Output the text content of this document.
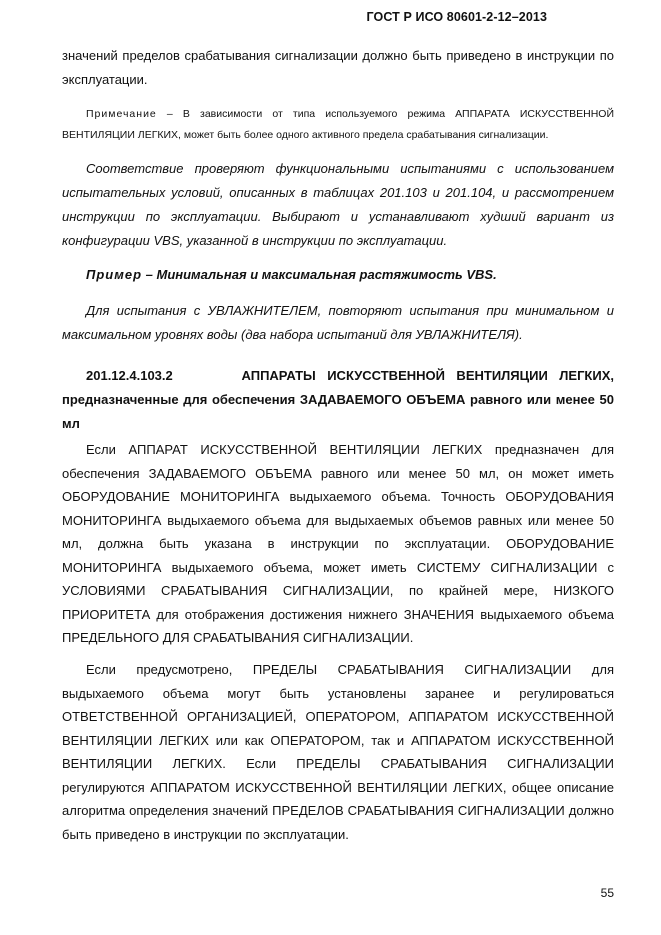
ГОСТ Р ИСО 80601-2-12–2013

значений пределов срабатывания сигнализации должно быть приведено в инструкции по эксплуатации.

Примечание – В зависимости от типа используемого режима АППАРАТА ИСКУССТВЕННОЙ ВЕНТИЛЯЦИИ ЛЕГКИХ, может быть более одного активного предела срабатывания сигнализации.

Соответствие проверяют функциональными испытаниями с использованием испытательных условий, описанных в таблицах 201.103 и 201.104, и рассмотрением инструкции по эксплуатации. Выбирают и устанавливают худший вариант из конфигурации VBS, указанной в инструкции по эксплуатации.
Пример – Минимальная и максимальная растяжимость VBS.
Для испытания с УВЛАЖНИТЕЛЕМ, повторяют испытания при минимальном и максимальном уровнях воды (два набора испытаний для УВЛАЖНИТЕЛЯ).
201.12.4.103.2	АППАРАТЫ ИСКУССТВЕННОЙ ВЕНТИЛЯЦИИ ЛЕГКИХ, предназначенные для обеспечения ЗАДАВАЕМОГО ОБЪЕМА равного или менее 50 мл
Если АППАРАТ ИСКУССТВЕННОЙ ВЕНТИЛЯЦИИ ЛЕГКИХ предназначен для обеспечения ЗАДАВАЕМОГО ОБЪЕМА равного или менее 50 мл, он может иметь ОБОРУДОВАНИЕ МОНИТОРИНГА выдыхаемого объема. Точность ОБОРУДОВАНИЯ МОНИТОРИНГА выдыхаемого объема для выдыхаемых объемов равных или менее 50 мл, должна быть указана в инструкции по эксплуатации. ОБОРУДОВАНИЕ МОНИТОРИНГА выдыхаемого объема, может иметь СИСТЕМУ СИГНАЛИЗАЦИИ с УСЛОВИЯМИ СРАБАТЫВАНИЯ СИГНАЛИЗАЦИИ, по крайней мере, НИЗКОГО ПРИОРИТЕТА для отображения достижения нижнего ЗНАЧЕНИЯ выдыхаемого объема ПРЕДЕЛЬНОГО ДЛЯ СРАБАТЫВАНИЯ СИГНАЛИЗАЦИИ.
Если предусмотрено, ПРЕДЕЛЫ СРАБАТЫВАНИЯ СИГНАЛИЗАЦИИ для выдыхаемого объема могут быть установлены заранее и регулироваться ОТВЕТСТВЕННОЙ ОРГАНИЗАЦИЕЙ, ОПЕРАТОРОМ, АППАРАТОМ ИСКУССТВЕННОЙ ВЕНТИЛЯЦИИ ЛЕГКИХ или как ОПЕРАТОРОМ, так и АППАРАТОМ ИСКУССТВЕННОЙ ВЕНТИЛЯЦИИ ЛЕГКИХ. Если ПРЕДЕЛЫ СРАБАТЫВАНИЯ СИГНАЛИЗАЦИИ регулируются АППАРАТОМ ИСКУССТВЕННОЙ ВЕНТИЛЯЦИИ ЛЕГКИХ, общее описание алгоритма определения значений ПРЕДЕЛОВ СРАБАТЫВАНИЯ СИГНАЛИЗАЦИИ должно быть приведено в инструкции по эксплуатации.
55
